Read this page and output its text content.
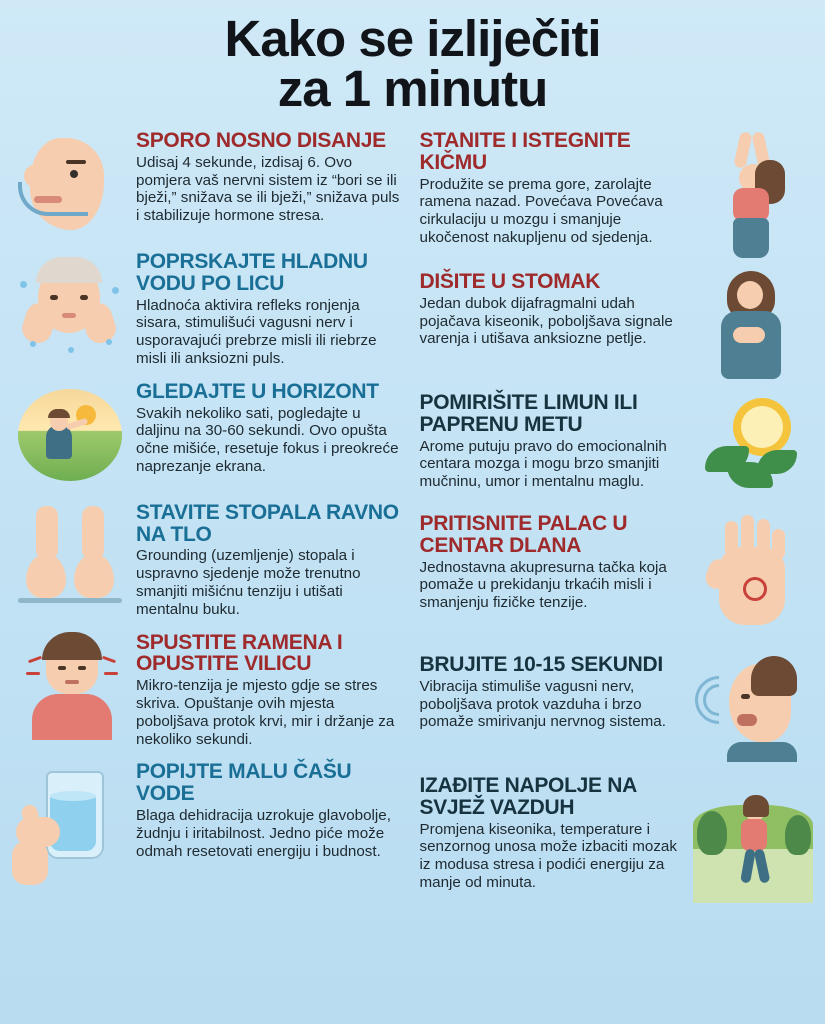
Kako se izliječiti
za 1 minutu
SPORO NOSNO DISANJE

Udisaj 4 sekunde, izdisaj 6. Ovo pomjera vaš nervni sistem iz “bori se ili bježi,” snižava se ili bježi,” snižava puls i stabilizuje hormone stresa.

POPRSKAJTE HLADNU VODU PO LICU

Hladnoća aktivira refleks ronjenja sisara, stimulišući vagusni nerv i usporavajući prebrze misli ili riebrze misli ili anksiozni puls.

GLEDAJTE U HORIZONT

Svakih nekoliko sati, pogledajte u daljinu na 30-60 sekundi. Ovo opušta očne mišiće, resetuje fokus i preokreće naprezanje ekrana.

STAVITE STOPALA RAVNO NA TLO

Grounding (uzemljenje) stopala i uspravno sjedenje može trenutno smanjiti mišićnu tenziju i utišati mentalnu buku.

SPUSTITE RAMENA I OPUSTITE VILICU

Mikro-tenzija je mjesto gdje se stres skriva. Opuštanje ovih mjesta poboljšava protok krvi, mir i držanje za nekoliko sekundi.

POPIJTE MALU ČAŠU VODE

Blaga dehidracija uzrokuje glavobolje, žudnju i iritabilnost. Jedno piće može odmah resetovati energiju i budnost.

STANITE I ISTEGNITE KIČMU

Produžite se prema gore, zarolajte ramena nazad. Povećava Povećava cirkulaciju u mozgu i smanjuje ukočenost nakupljenu od sjedenja.

DIŠITE U STOMAK

Jedan dubok dijafragmalni udah pojačava kiseonik, poboljšava signale varenja i utišava anksiozne petlje.

POMIRIŠITE LIMUN ILI PAPRENU METU

Arome putuju pravo do emocionalnih centara mozga i mogu brzo smanjiti mučninu, umor i mentalnu maglu.

PRITISNITE PALAC U CENTAR DLANA

Jednostavna akupresurna tačka koja pomaže u prekidanju trkaćih misli i smanjenju fizičke tenzije.

BRUJITE 10-15 SEKUNDI

Vibracija stimuliše vagusni nerv, poboljšava protok vazduha i brzo pomaže smirivanju nervnog sistema.

IZAĐITE NAPOLJE NA SVJEŽ VAZDUH

Promjena kiseonika, temperature i senzornog unosa može izbaciti mozak iz modusa stresa i podići energiju za manje od minuta.
